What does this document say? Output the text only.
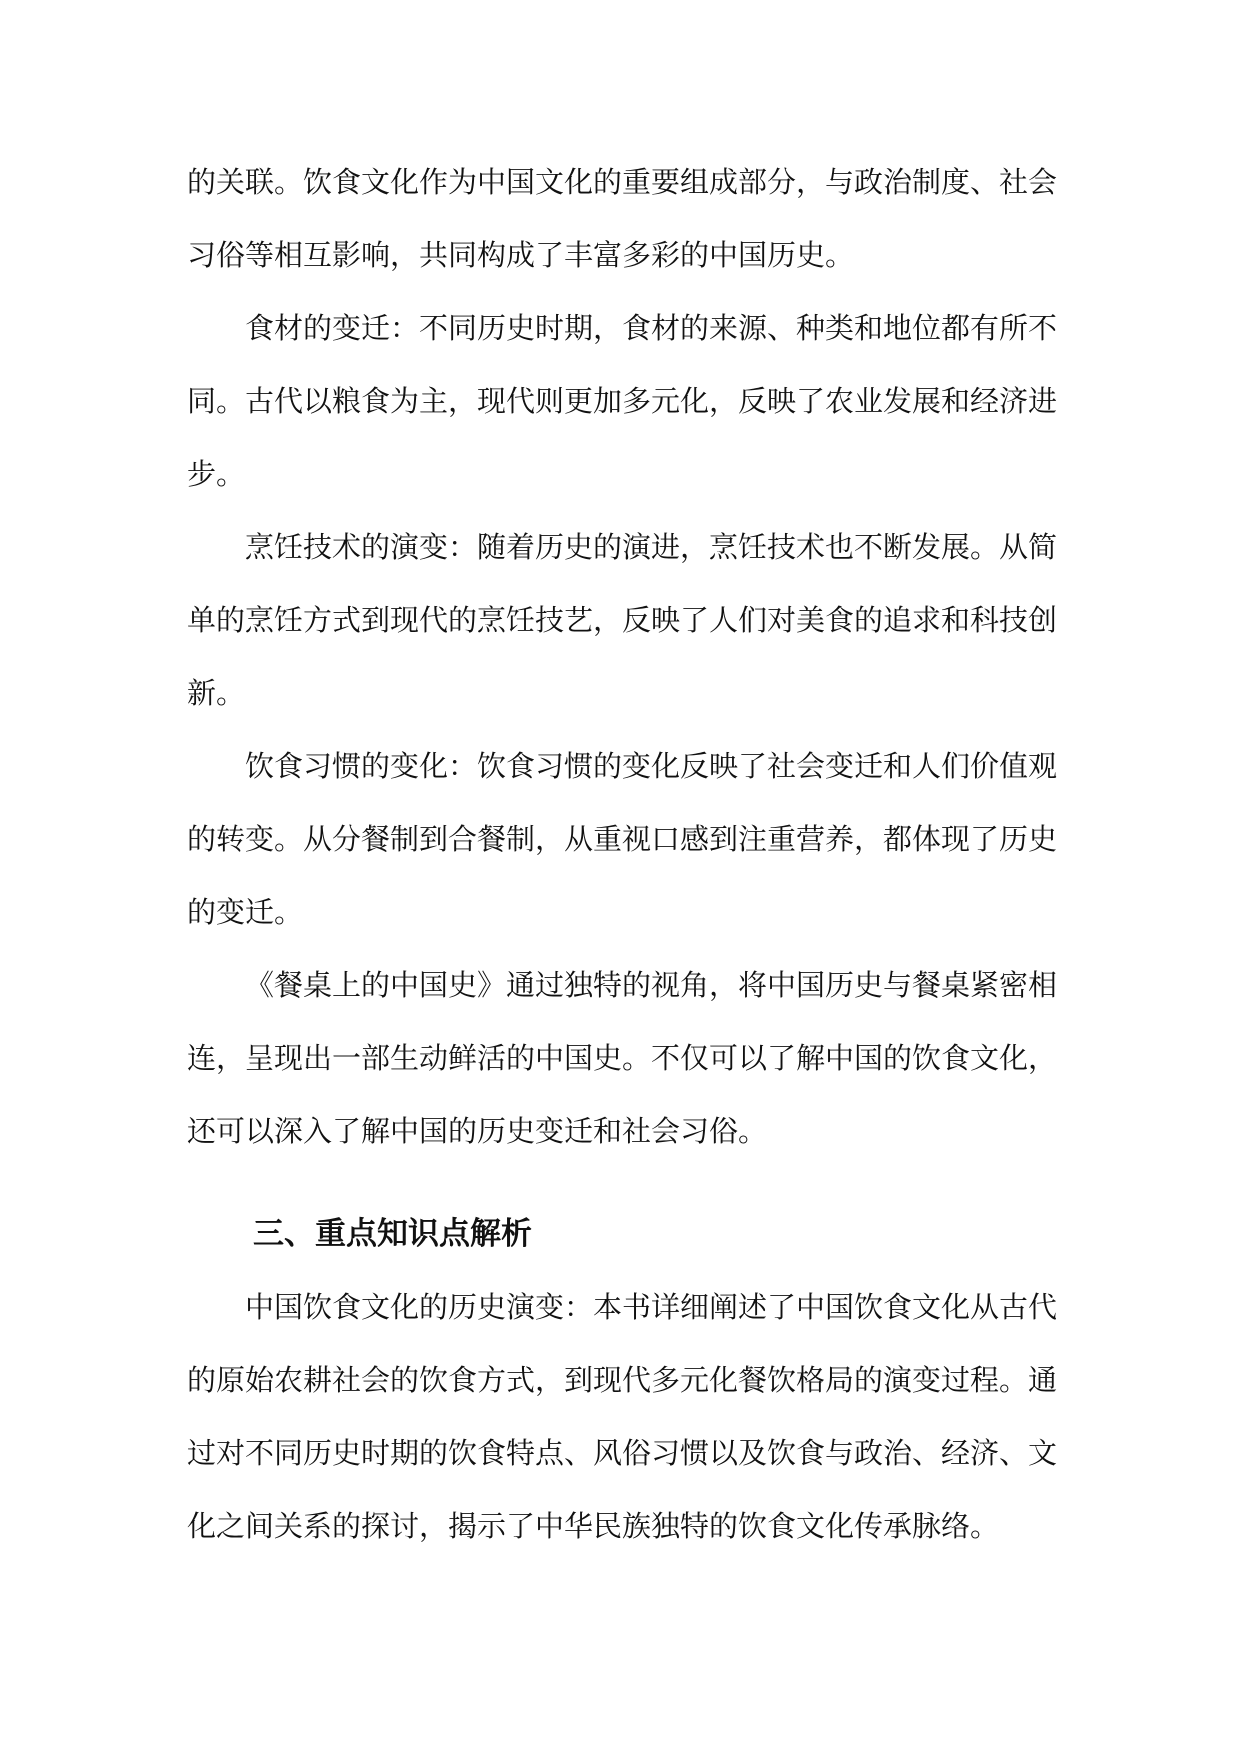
的关联。饮食文化作为中国文化的重要组成部分，与政治制度、社会
习俗等相互影响，共同构成了丰富多彩的中国历史。
食材的变迁：不同历史时期，食材的来源、种类和地位都有所不
同。古代以粮食为主，现代则更加多元化，反映了农业发展和经济进
步。
烹饪技术的演变：随着历史的演进，烹饪技术也不断发展。从简
单的烹饪方式到现代的烹饪技艺，反映了人们对美食的追求和科技创
新。
饮食习惯的变化：饮食习惯的变化反映了社会变迁和人们价值观
的转变。从分餐制到合餐制，从重视口感到注重营养，都体现了历史
的变迁。
《餐桌上的中国史》通过独特的视角，将中国历史与餐桌紧密相
连，呈现出一部生动鲜活的中国史。不仅可以了解中国的饮食文化，
还可以深入了解中国的历史变迁和社会习俗。
三、重点知识点解析
中国饮食文化的历史演变：本书详细阐述了中国饮食文化从古代
的原始农耕社会的饮食方式，到现代多元化餐饮格局的演变过程。通
过对不同历史时期的饮食特点、风俗习惯以及饮食与政治、经济、文
化之间关系的探讨，揭示了中华民族独特的饮食文化传承脉络。
